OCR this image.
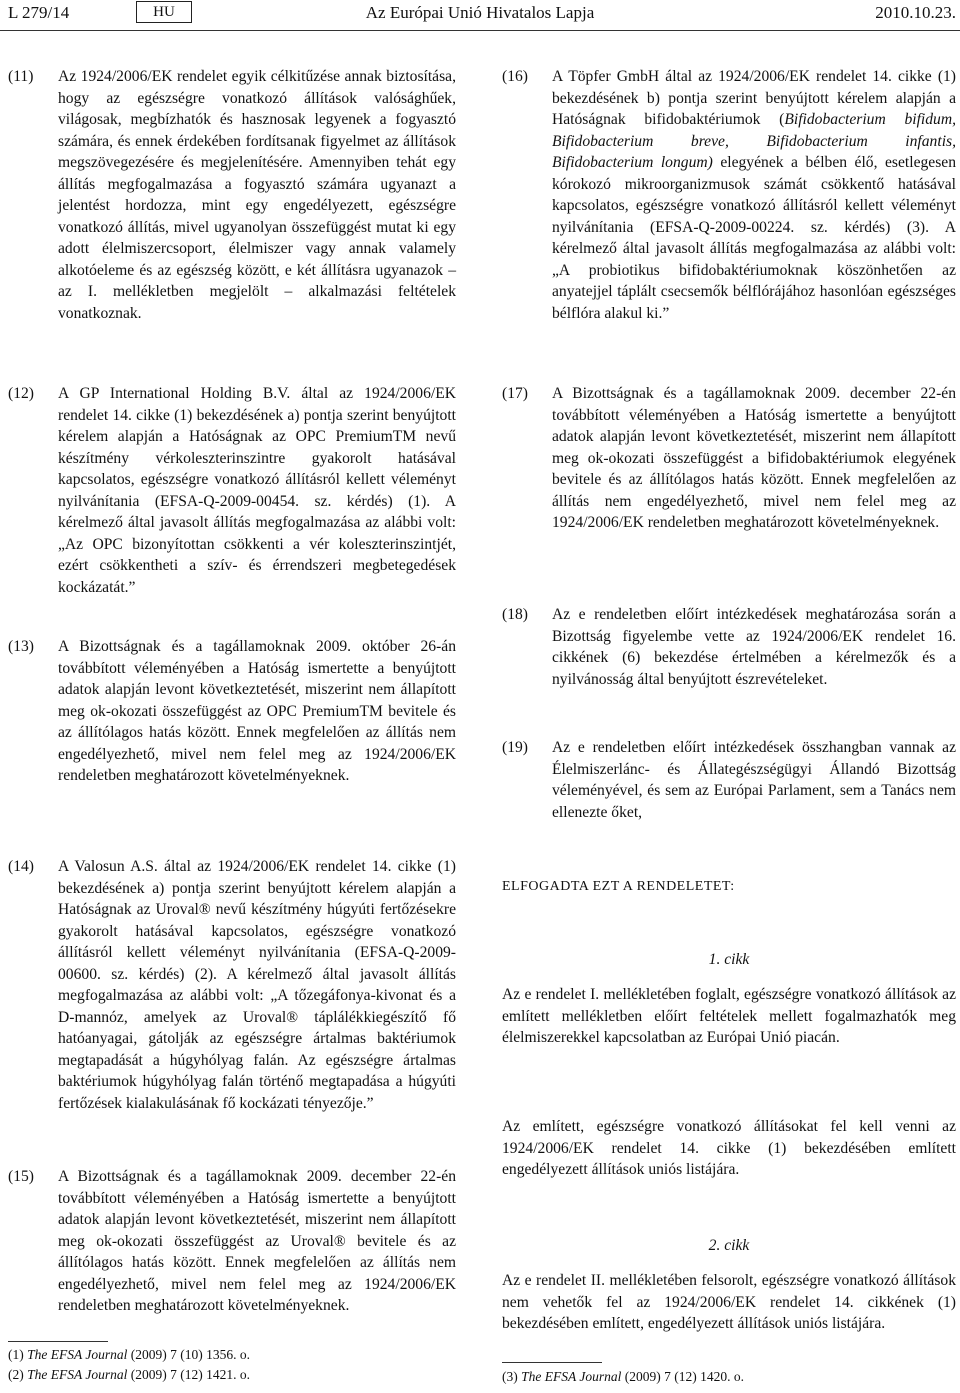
L 279/14	HU	Az Európai Unió Hivatalos Lapja	2010.10.23.
(11) Az 1924/2006/EK rendelet egyik célkitűzése annak biztosítása, hogy az egészségre vonatkozó állítások valósághűek, világosak, megbízhatók és hasznosak legyenek a fogyasztó számára, és ennek érdekében fordítsanak figyelmet az állítások megszövegezésére és megjelenítésére. Amennyiben tehát egy állítás megfogalmazása a fogyasztó számára ugyanazt a jelentést hordozza, mint egy engedélyezett, egészségre vonatkozó állítás, mivel ugyanolyan összefüggést mutat ki egy adott élelmiszercsoport, élelmiszer vagy annak valamely alkotóeleme és az egészség között, e két állításra ugyanazok – az I. mellékletben megjelölt – alkalmazási feltételek vonatkoznak.
(12) A GP International Holding B.V. által az 1924/2006/EK rendelet 14. cikke (1) bekezdésének a) pontja szerint benyújtott kérelem alapján a Hatóságnak az OPC PremiumTM nevű készítmény vérkoleszterinszintre gyakorolt hatásával kapcsolatos, egészségre vonatkozó állításról kellett véleményt nyilvánítania (EFSA-Q-2009-00454. sz. kérdés) (1). A kérelmező által javasolt állítás megfogalmazása az alábbi volt: „Az OPC bizonyítottan csökkenti a vér koleszterinszintjét, ezért csökkentheti a szív- és érrendszeri megbetegedések kockázatát.”
(13) A Bizottságnak és a tagállamoknak 2009. október 26-án továbbított véleményében a Hatóság ismertette a benyújtott adatok alapján levont következtetését, miszerint nem állapított meg ok-okozati összefüggést az OPC PremiumTM bevitele és az állítólagos hatás között. Ennek megfelelően az állítás nem engedélyezhető, mivel nem felel meg az 1924/2006/EK rendeletben meghatározott követelményeknek.
(14) A Valosun A.S. által az 1924/2006/EK rendelet 14. cikke (1) bekezdésének a) pontja szerint benyújtott kérelem alapján a Hatóságnak az Uroval® nevű készítmény húgyúti fertőzésekre gyakorolt hatásával kapcsolatos, egészségre vonatkozó állításról kellett véleményt nyilvánítania (EFSA-Q-2009-00600. sz. kérdés) (2). A kérelmező által javasolt állítás megfogalmazása az alábbi volt: „A tőzegáfonya-kivonat és a D-mannóz, amelyek az Uroval® táplálékkiegészítő fő hatóanyagai, gátolják az egészségre ártalmas baktériumok megtapadását a húgyhólyag falán. Az egészségre ártalmas baktériumok húgyhólyag falán történő megtapadása a húgyúti fertőzések kialakulásának fő kockázati tényezője.”
(15) A Bizottságnak és a tagállamoknak 2009. december 22-én továbbított véleményében a Hatóság ismertette a benyújtott adatok alapján levont következtetését, miszerint nem állapított meg ok-okozati összefüggést az Uroval® bevitele és az állítólagos hatás között. Ennek megfelelően az állítás nem engedélyezhető, mivel nem felel meg az 1924/2006/EK rendeletben meghatározott követelményeknek.
(1) The EFSA Journal (2009) 7 (10) 1356. o.
(2) The EFSA Journal (2009) 7 (12) 1421. o.
(16) A Töpfer GmbH által az 1924/2006/EK rendelet 14. cikke (1) bekezdésének b) pontja szerint benyújtott kérelem alapján a Hatóságnak bifidobaktériumok (Bifidobacterium bifidum, Bifidobacterium breve, Bifidobacterium infantis, Bifidobacterium longum) elegyének a bélben élő, esetlegesen kórokozó mikroorganizmusok számát csökkentő hatásával kapcsolatos, egészségre vonatkozó állításról kellett véleményt nyilvánítania (EFSA-Q-2009-00224. sz. kérdés) (3). A kérelmező által javasolt állítás megfogalmazása az alábbi volt: „A probiotikus bifidobaktériumoknak köszönhetően az anyatejjel táplált csecsemők bélflórájához hasonlóan egészséges bélflóra alakul ki.”
(17) A Bizottságnak és a tagállamoknak 2009. december 22-én továbbított véleményében a Hatóság ismertette a benyújtott adatok alapján levont következtetését, miszerint nem állapított meg ok-okozati összefüggést a bifidobaktériumok elegyének bevitele és az állítólagos hatás között. Ennek megfelelően az állítás nem engedélyezhető, mivel nem felel meg az 1924/2006/EK rendeletben meghatározott követelményeknek.
(18) Az e rendeletben előírt intézkedések meghatározása során a Bizottság figyelembe vette az 1924/2006/EK rendelet 16. cikkének (6) bekezdése értelmében a kérelmezők és a nyilvánosság által benyújtott észrevételeket.
(19) Az e rendeletben előírt intézkedések összhangban vannak az Élelmiszerlánc- és Állategészségügyi Állandó Bizottság véleményével, és sem az Európai Parlament, sem a Tanács nem ellenezte őket,
ELFOGADTA EZT A RENDELETET:
1. cikk
Az e rendelet I. mellékletében foglalt, egészségre vonatkozó állítások az említett mellékletben előírt feltételek mellett fogalmazhatók meg élelmiszerekkel kapcsolatban az Európai Unió piacán.
Az említett, egészségre vonatkozó állításokat fel kell venni az 1924/2006/EK rendelet 14. cikke (1) bekezdésében említett engedélyezett állítások uniós listájára.
2. cikk
Az e rendelet II. mellékletében felsorolt, egészségre vonatkozó állítások nem vehetők fel az 1924/2006/EK rendelet 14. cikkének (1) bekezdésében említett, engedélyezett állítások uniós listájára.
(3) The EFSA Journal (2009) 7 (12) 1420. o.
